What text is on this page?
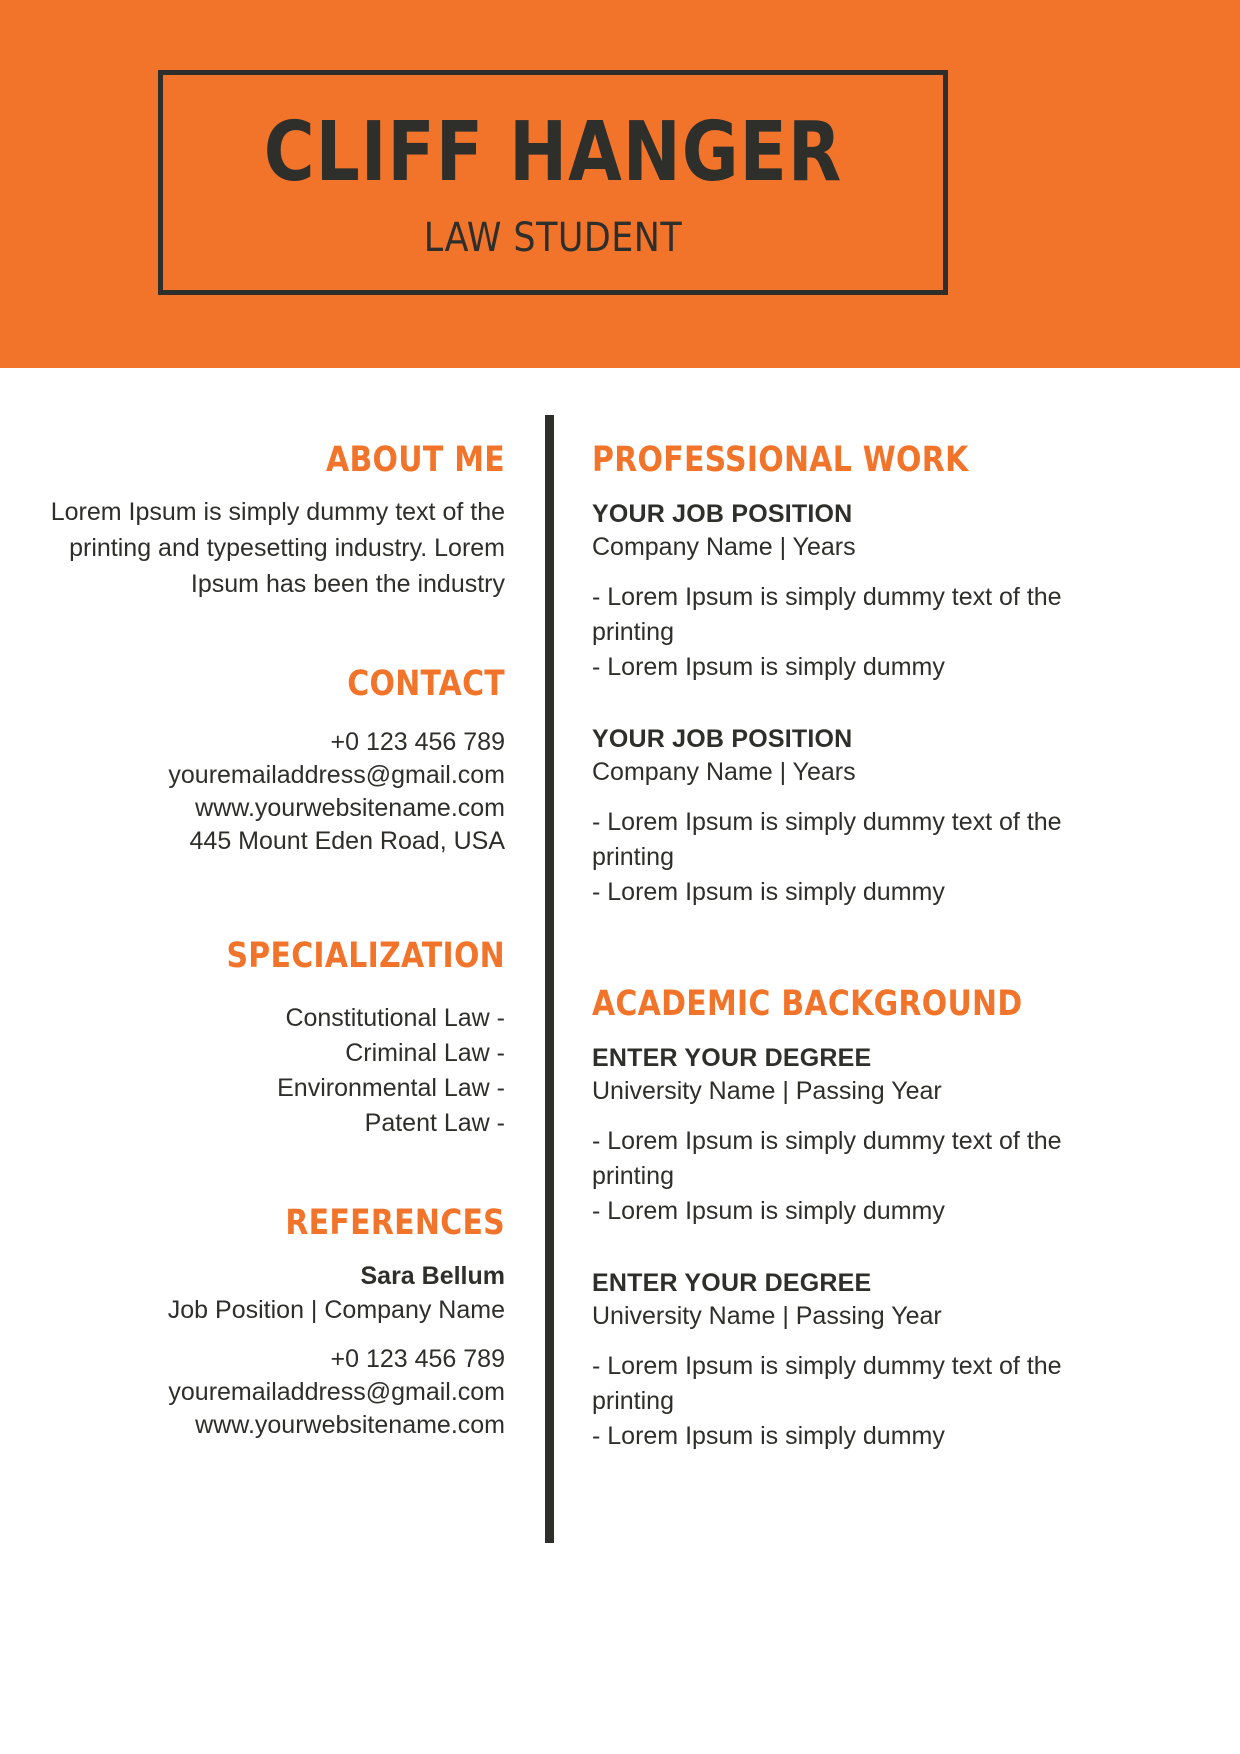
CLIFF HANGER
LAW STUDENT
ABOUT ME
Lorem Ipsum is simply dummy text of the printing and typesetting industry. Lorem Ipsum has been the industry
CONTACT
+0 123 456 789
youremailaddress@gmail.com
www.yourwebsitename.com
445 Mount Eden Road, USA
SPECIALIZATION
Constitutional Law -
Criminal Law -
Environmental Law -
Patent Law -
REFERENCES
Sara Bellum
Job Position | Company Name
+0 123 456 789
youremailaddress@gmail.com
www.yourwebsitename.com
PROFESSIONAL WORK
YOUR JOB POSITION
Company Name | Years
- Lorem Ipsum is simply dummy text of the printing
- Lorem Ipsum is simply dummy
YOUR JOB POSITION
Company Name | Years
- Lorem Ipsum is simply dummy text of the printing
- Lorem Ipsum is simply dummy
ACADEMIC BACKGROUND
ENTER YOUR DEGREE
University Name | Passing Year
- Lorem Ipsum is simply dummy text of the printing
- Lorem Ipsum is simply dummy
ENTER YOUR DEGREE
University Name | Passing Year
- Lorem Ipsum is simply dummy text of the printing
- Lorem Ipsum is simply dummy
